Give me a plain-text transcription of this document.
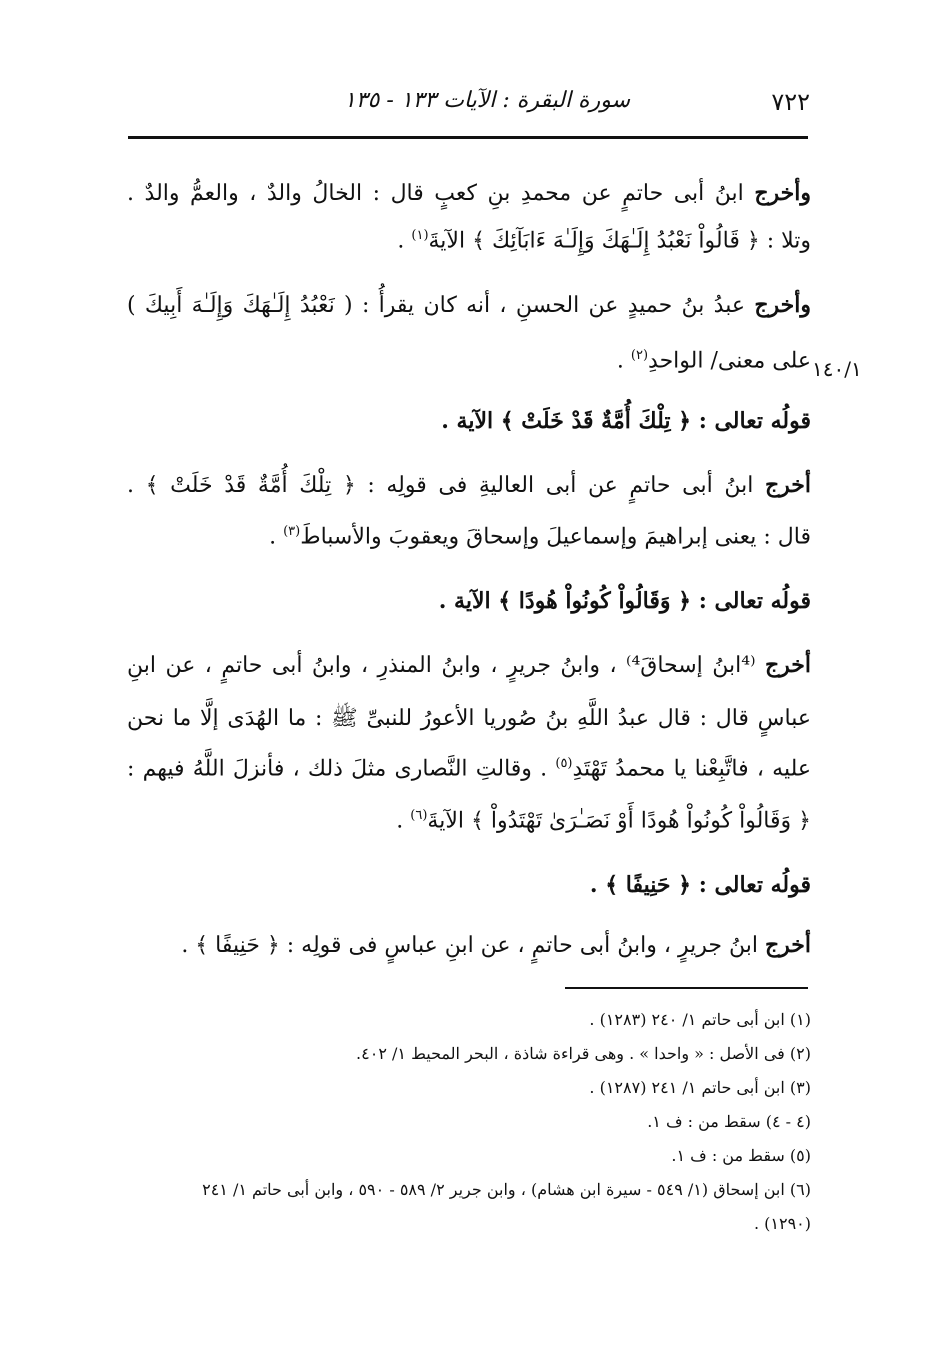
٧٢٢
سورة البقرة : الآيات ١٣٣ - ١٣٥
١٤٠/١
وأخرج ابنُ أبى حاتمٍ عن محمدِ بنِ كعبٍ قال : الخالُ والدٌ ، والعمُّ والدٌ .
وتلا : ﴿ قَالُواْ نَعْبُدُ إِلَـٰهَكَ وَإِلَـٰهَ ءَابَآئِكَ ﴾ الآيةَ$^{(١)}$ .
وأخرج عبدُ بنُ حميدٍ عن الحسنِ ، أنه كان يقرأُ : ( نَعْبُدُ إِلَـٰهَكَ وَإِلَـٰهَ أَبِيكَ )
على معنى/ الواحدِ$^{(٢)}$ .
قولُه تعالى : ﴿ تِلْكَ أُمَّةٌ قَدْ خَلَتْ ﴾ الآية .
أخرج ابنُ أبى حاتمٍ عن أبى العاليةِ فى قولِه : ﴿ تِلْكَ أُمَّةٌ قَدْ خَلَتْ ﴾ .
قال : يعنى إبراهيمَ وإسماعيلَ وإسحاقَ ويعقوبَ والأسباطَ$^{(٣)}$ .
قولُه تعالى : ﴿ وَقَالُواْ كُونُواْ هُودًا ﴾ الآية .
أخرج ⁽⁴ابنُ إسحاقَ⁴⁾ ، وابنُ جريرٍ ، وابنُ المنذرِ ، وابنُ أبى حاتمٍ ، عن ابنِ
عباسٍ قال : قال عبدُ اللَّهِ بنُ صُوريا الأعورُ للنبىِّ ﷺ : ما الهُدَى إلَّا ما نحن
عليه ، فاتَّبِعْنا يا محمدُ تَهْتَدِ$^{(٥)}$ . وقالتِ النَّصارى مثلَ ذلك ، فأنزلَ اللَّهُ فيهم :
﴿ وَقَالُواْ كُونُواْ هُودًا أَوْ نَصَـٰرَىٰ تَهْتَدُواْ ﴾ الآيةَ$^{(٦)}$ .
قولُه تعالى : ﴿ حَنِيفًا ﴾ .
أخرج ابنُ جريرٍ ، وابنُ أبى حاتمٍ ، عن ابنِ عباسٍ فى قولِه : ﴿ حَنِيفًا ﴾ .
(١) ابن أبى حاتم ١/ ٢٤٠ (١٢٨٣) .
(٢) فى الأصل : « واحدا » . وهى قراءة شاذة ، البحر المحيط ١/ ٤٠٢.
(٣) ابن أبى حاتم ١/ ٢٤١ (١٢٨٧) .
(٤ - ٤) سقط من : ف ١.
(٥) سقط من : ف ١.
(٦) ابن إسحاق (١/ ٥٤٩ - سيرة ابن هشام) ، وابن جرير ٢/ ٥٨٩ - ٥٩٠ ، وابن أبى حاتم ١/ ٢٤١
(١٢٩٠) .
